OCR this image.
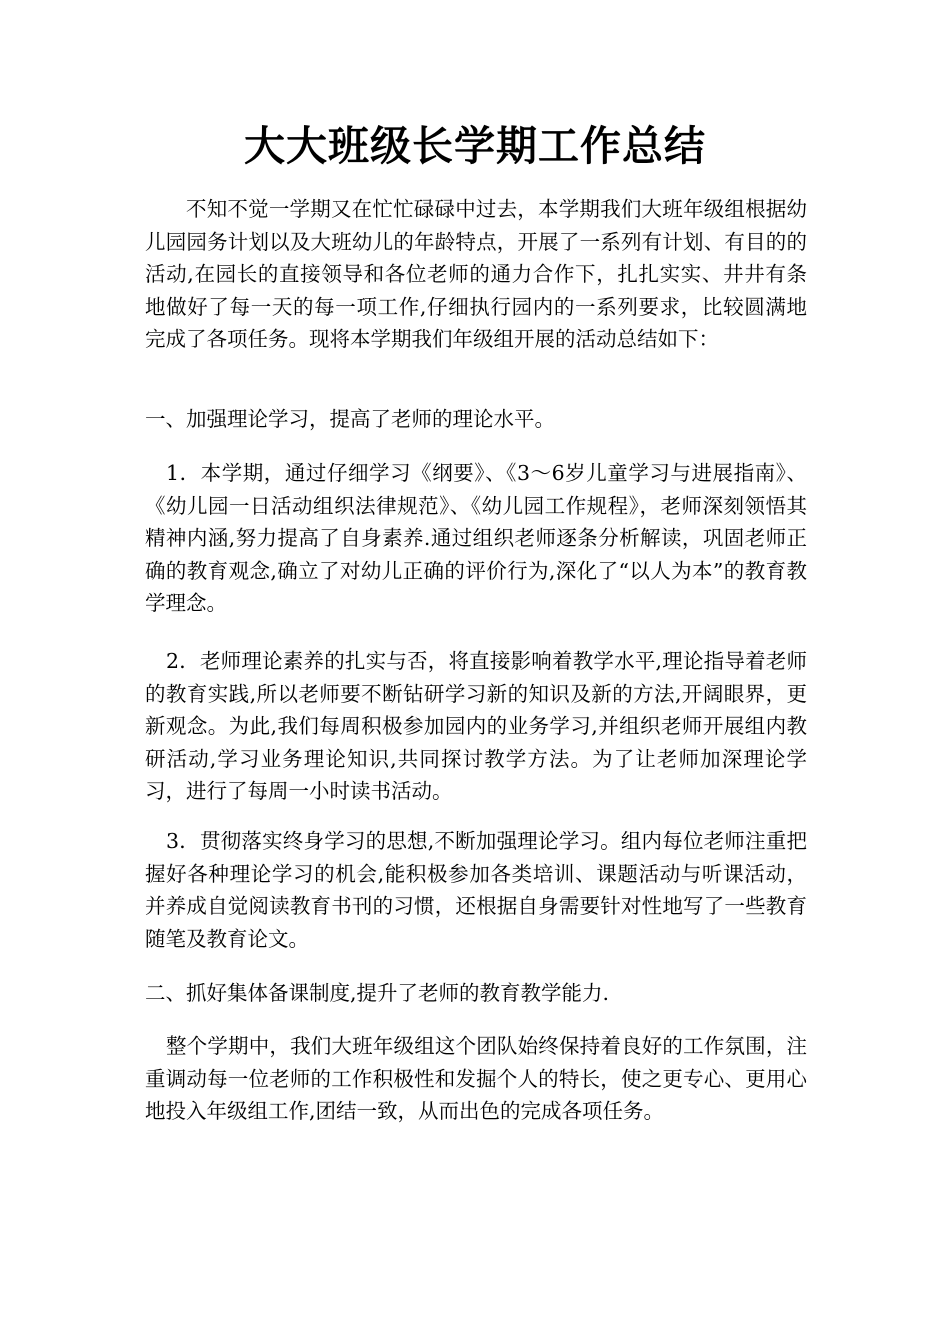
大大班级长学期工作总结

不知不觉一学期又在忙忙碌碌中过去，本学期我们大班年级组根据幼儿园园务计划以及大班幼儿的年龄特点，开展了一系列有计划、有目的的活动,在园长的直接领导和各位老师的通力合作下，扎扎实实、井井有条地做好了每一天的每一项工作,仔细执行园内的一系列要求，比较圆满地完成了各项任务。现将本学期我们年级组开展的活动总结如下：

一、加强理论学习，提高了老师的理论水平。

1．本学期，通过仔细学习《纲要》、《3～6岁儿童学习与进展指南》、《幼儿园一日活动组织法律规范》、《幼儿园工作规程》，老师深刻领悟其精神内涵,努力提高了自身素养.通过组织老师逐条分析解读，巩固老师正确的教育观念,确立了对幼儿正确的评价行为,深化了“以人为本”的教育教学理念。

2．老师理论素养的扎实与否，将直接影响着教学水平,理论指导着老师的教育实践,所以老师要不断钻研学习新的知识及新的方法,开阔眼界，更新观念。为此,我们每周积极参加园内的业务学习,并组织老师开展组内教研活动,学习业务理论知识,共同探讨教学方法。为了让老师加深理论学习，进行了每周一小时读书活动。

3．贯彻落实终身学习的思想,不断加强理论学习。组内每位老师注重把握好各种理论学习的机会,能积极参加各类培训、课题活动与听课活动，并养成自觉阅读教育书刊的习惯，还根据自身需要针对性地写了一些教育随笔及教育论文。

二、抓好集体备课制度,提升了老师的教育教学能力.

整个学期中，我们大班年级组这个团队始终保持着良好的工作氛围，注重调动每一位老师的工作积极性和发掘个人的特长，使之更专心、更用心地投入年级组工作,团结一致，从而出色的完成各项任务。
